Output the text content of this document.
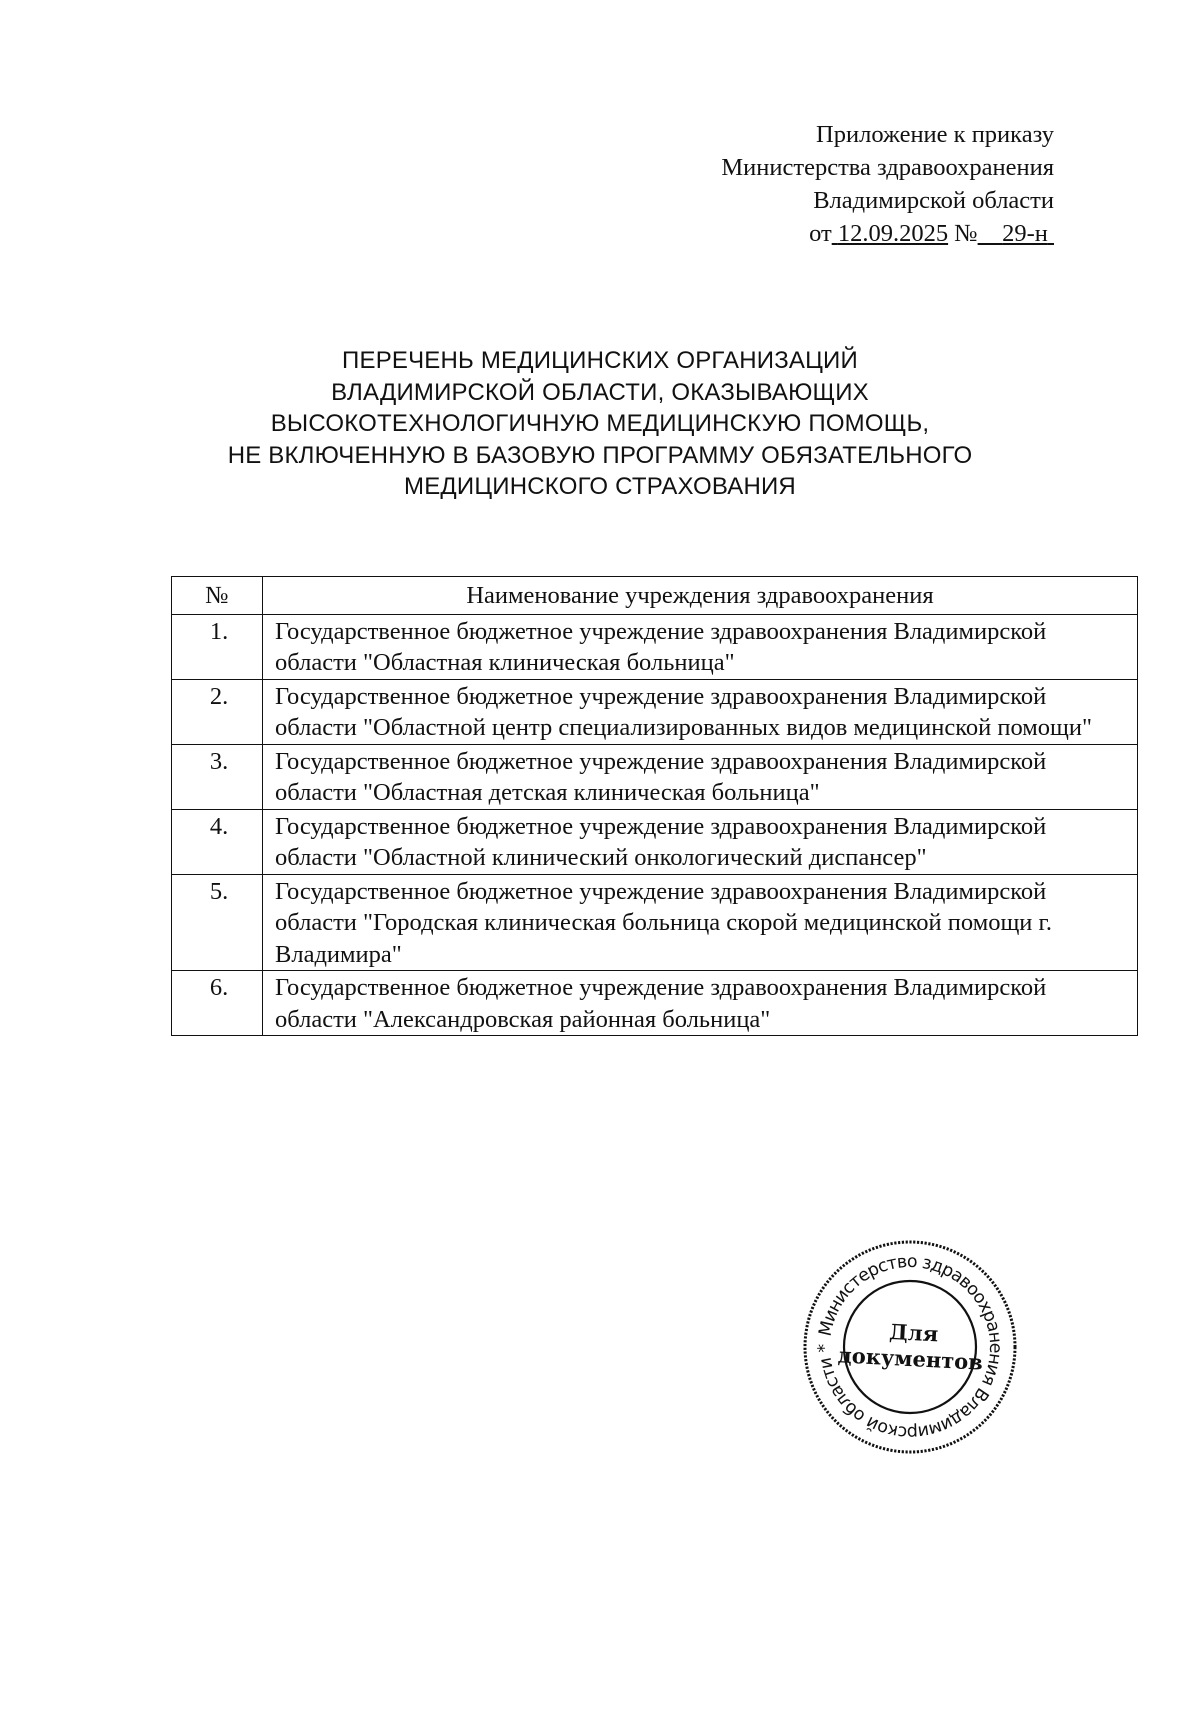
Приложение к приказу
Министерства здравоохранения
Владимирской области
от 12.09.2025 № 29-н
ПЕРЕЧЕНЬ МЕДИЦИНСКИХ ОРГАНИЗАЦИЙ
ВЛАДИМИРСКОЙ ОБЛАСТИ, ОКАЗЫВАЮЩИХ
ВЫСОКОТЕХНОЛОГИЧНУЮ МЕДИЦИНСКУЮ ПОМОЩЬ,
НЕ ВКЛЮЧЕННУЮ В БАЗОВУЮ ПРОГРАММУ ОБЯЗАТЕЛЬНОГО
МЕДИЦИНСКОГО СТРАХОВАНИЯ
№	Наименование учреждения здравоохранения
1.	Государственное бюджетное учреждение здравоохранения Владимирской области "Областная клиническая больница"
2.	Государственное бюджетное учреждение здравоохранения Владимирской области "Областной центр специализированных видов медицинской помощи"
3.	Государственное бюджетное учреждение здравоохранения Владимирской области "Областная детская клиническая больница"
4.	Государственное бюджетное учреждение здравоохранения Владимирской области "Областной клинический онкологический диспансер"
5.	Государственное бюджетное учреждение здравоохранения Владимирской области "Городская клиническая больница скорой медицинской помощи г. Владимира"
6.	Государственное бюджетное учреждение здравоохранения Владимирской области "Александровская районная больница"
Министерство здравоохранения Владимирской области *
Для
документов
